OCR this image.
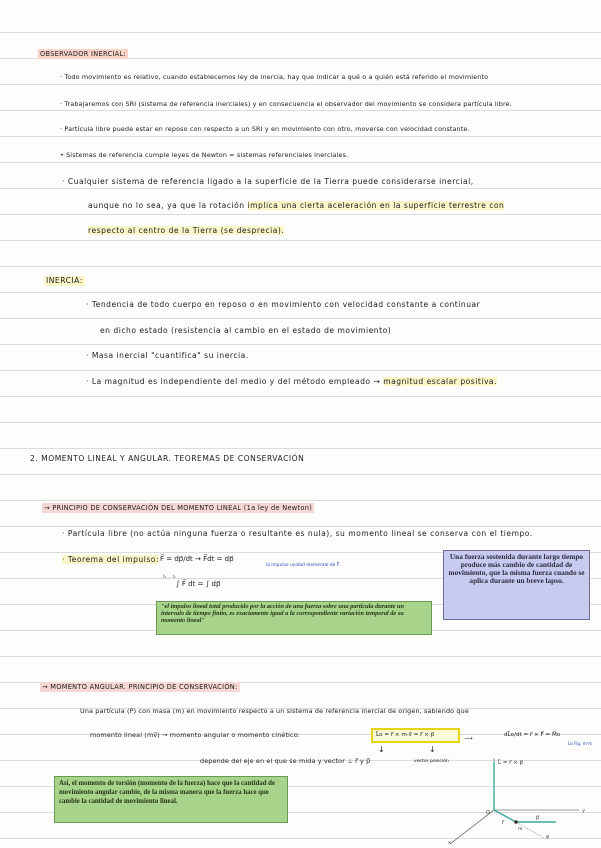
OBSERVADOR INERCIAL:
· Todo movimiento es relativo, cuando establecemos ley de inercia, hay que indicar a qué o a quién está referido el movimiento
· Trabajaremos con SRI (sistema de referencia inerciales) y en consecuencia el observador del movimiento se considera partícula libre.
· Partícula libre puede estar en reposo con respecto a un SRI y en movimiento con otro, moverse con velocidad constante.
• Sistemas de referencia cumple leyes de Newton = sistemas referenciales inerciales.
· Cualquier sistema de referencia ligado a la superficie de la Tierra puede considerarse inercial,
aunque no lo sea, ya que la rotación implica una cierta aceleración en la superficie terrestre con
respecto al centro de la Tierra (se desprecia).
INERCIA:
· Tendencia de todo cuerpo en reposo o en movimiento con velocidad constante a continuar
en dicho estado (resistencia al cambio en el estado de movimiento)
· Masa inercial "cuantifica" su inercia.
· La magnitud es independiente del medio y del método empleado → magnitud escalar positiva.
2. MOMENTO LINEAL Y ANGULAR. TEOREMAS DE CONSERVACIÓN
→ PRINCIPIO DE CONSERVACIÓN DEL MOMENTO LINEAL (1a ley de Newton)
· Partícula libre (no actúa ninguna fuerza o resultante es nula), su momento lineal se conserva con el tiempo.
· Teorema del impulso: F⃗ = dp⃗/dt → F⃗dt = dp⃗
la impulso unidad elemental de F⃗
∫ F⃗ dt = ∫ dp⃗
t₀ … t₁
"el impulso lineal total producido por la acción de una fuerza sobre una partícula durante un intervalo de tiempo finito, es exactamente igual a la correspondiente variación temporal de su momento lineal"
Una fuerza sostenida durante largo tiempo produce más cambio de cantidad de movimiento, que la misma fuerza cuando se aplica durante un breve lapso.
→ MOMENTO ANGULAR. PRINCIPIO DE CONSERVACIÓN:
Una partícula (P) con masa (m) en movimiento respecto a un sistema de referencia inercial de origen, sabiendo que
momento lineal (mv⃗) → momento angular o momento cinético:	L⃗o = r⃗ × m·v⃗ = r⃗ × p⃗	⟶	dL⃗o/dt = r⃗ × F⃗ = M⃗o
Lo Fig. m²/s
↓	↓
depende del eje en el que se mida y vector ⊥ r⃗ y p⃗	vector posición
Así, el momento de torsión (momento de la fuerza) hace que la cantidad de movimiento angular cambie, de la misma manera que la fuerza hace que cambie la cantidad de movimiento lineal.
L⃗ = r⃗ × p⃗
O
r⃗
p⃗
m
y
x
φ
